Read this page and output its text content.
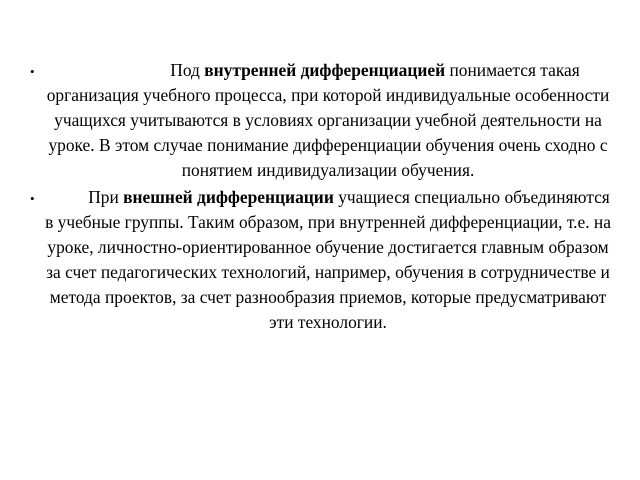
•	Под внутренней дифференциацией понимается такая организация учебного процесса, при которой индивидуальные особенности учащихся учитываются в условиях организации учебной деятельности на уроке. В этом случае понимание дифференциации обучения очень сходно с понятием индивидуализации обучения.
•	При внешней дифференциации учащиеся специально объединяются в учебные группы. Таким образом, при внутренней дифференциации, т.е. на уроке, личностно-ориентированное обучение достигается главным образом за счет педагогических технологий, например, обучения в сотрудничестве и метода проектов, за счет разнообразия приемов, которые предусматривают эти технологии.
